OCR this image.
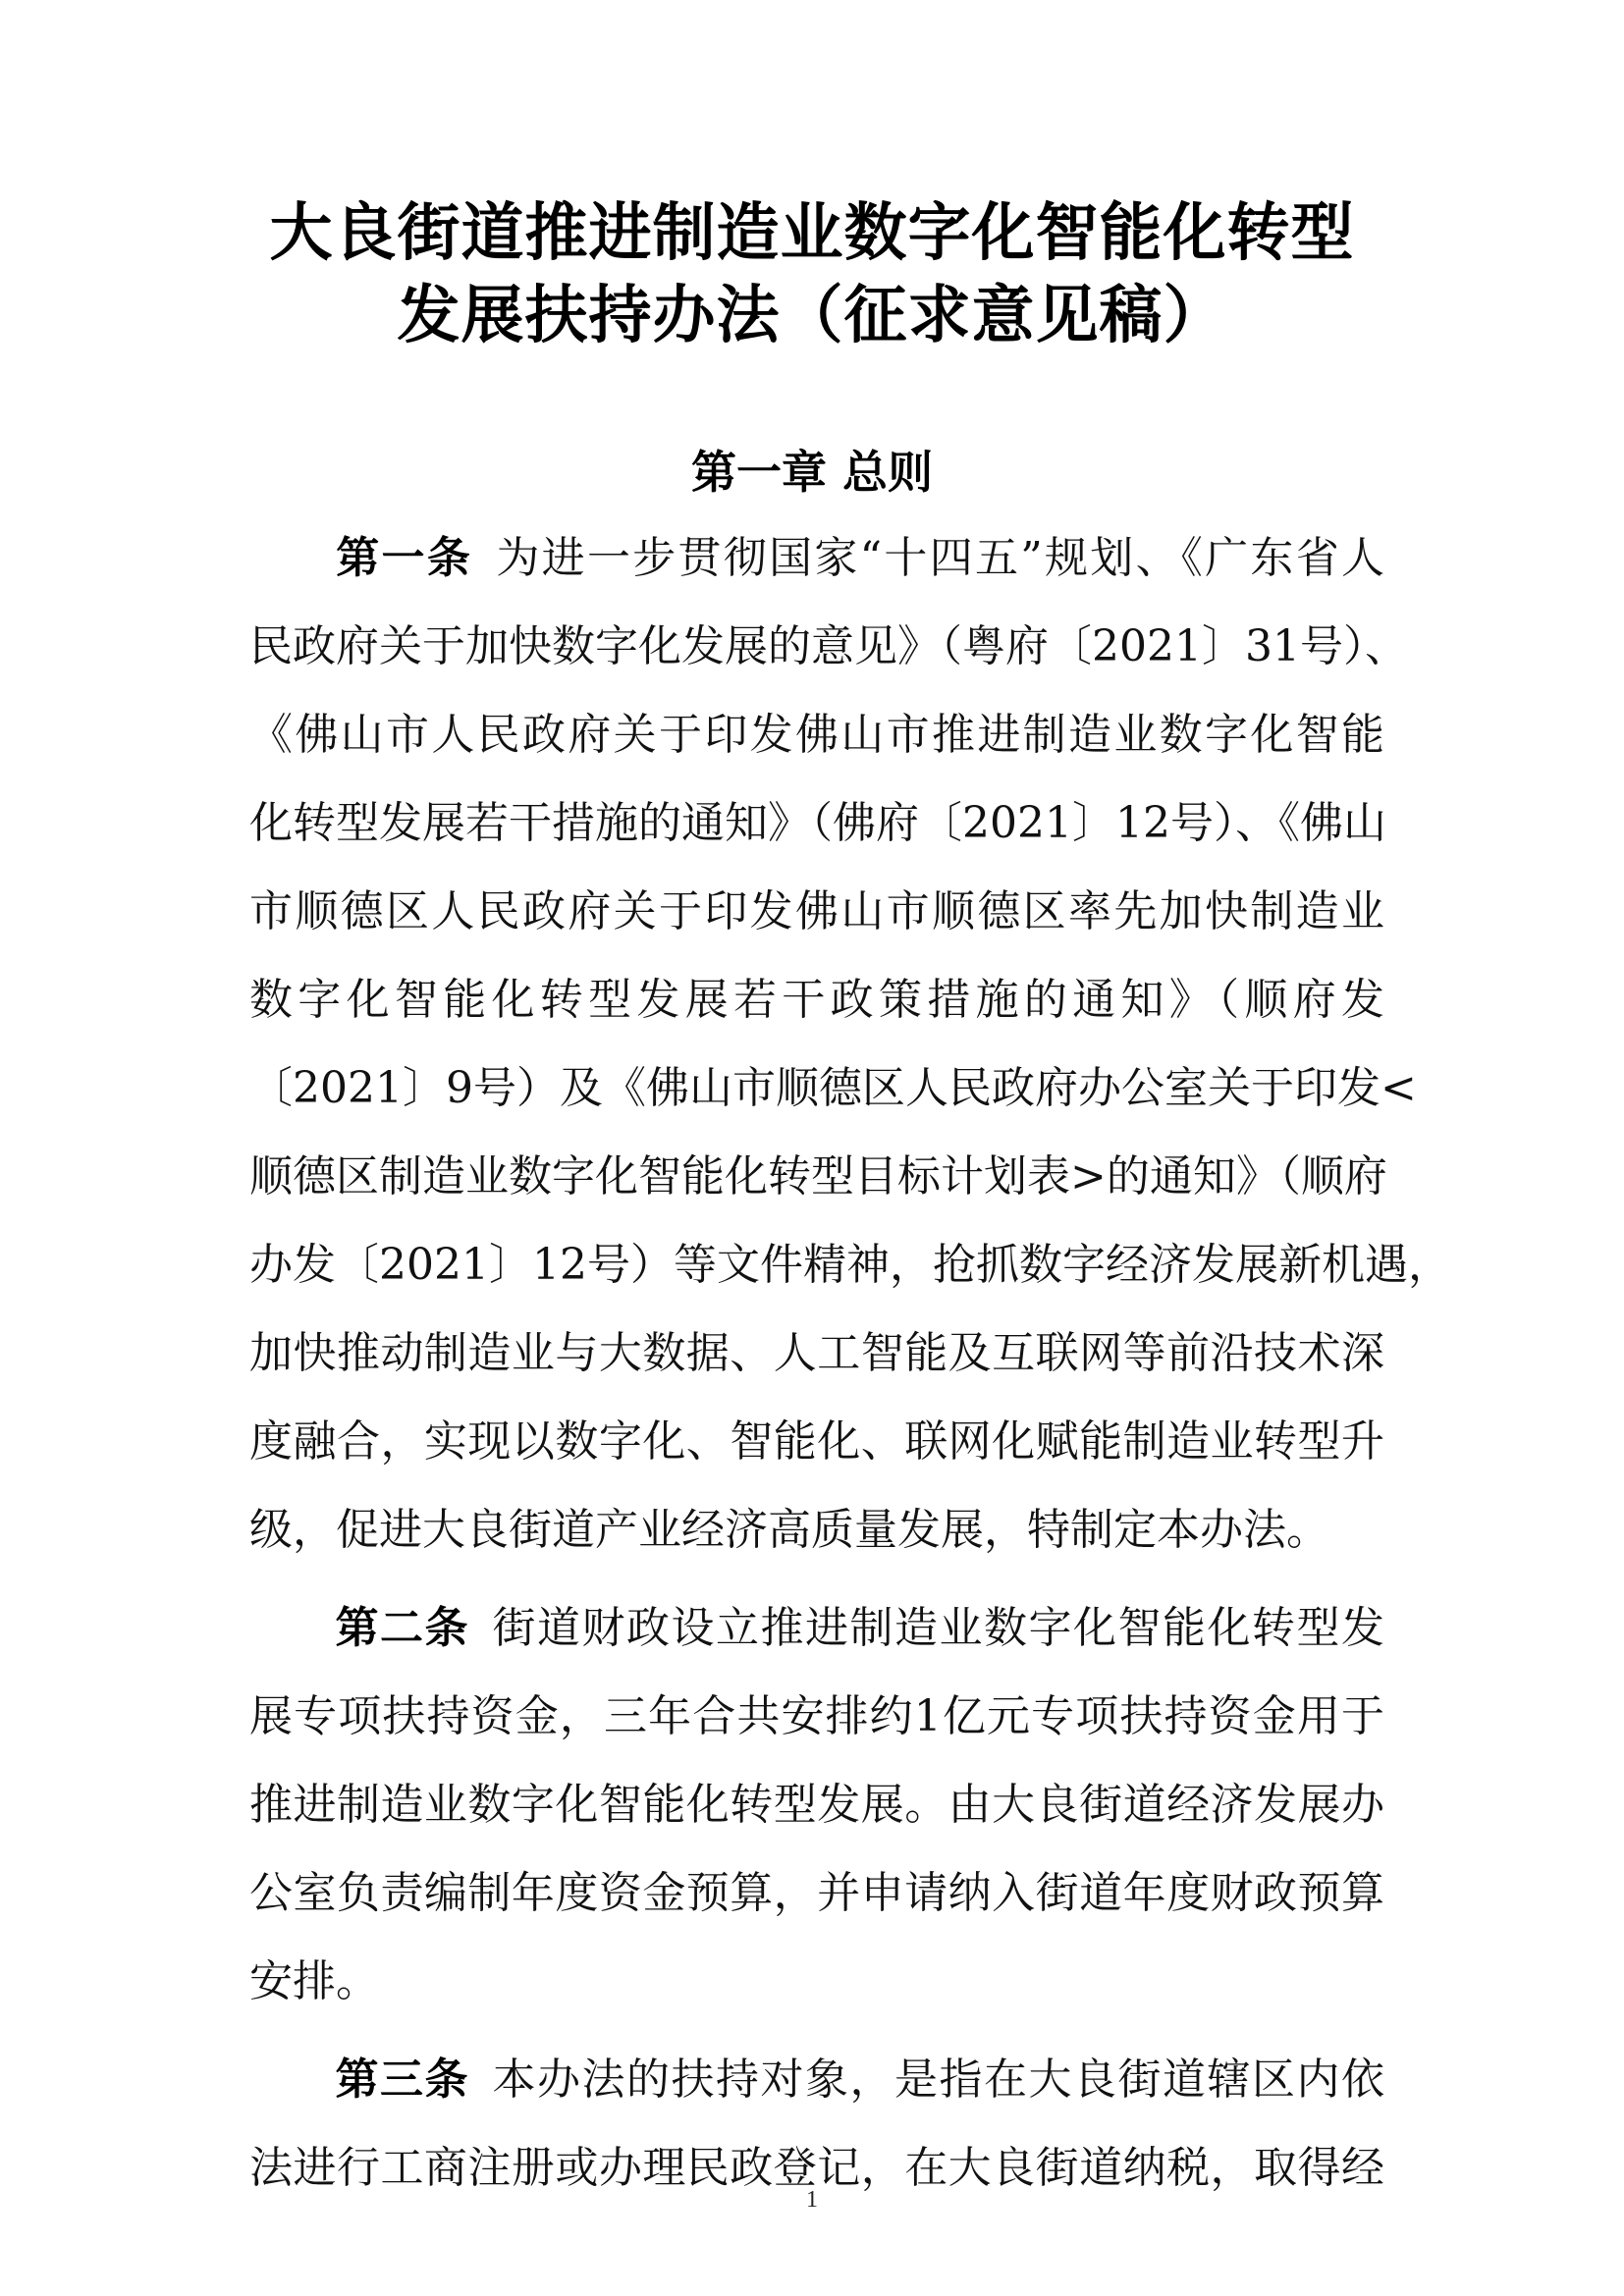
大良街道推进制造业数字化智能化转型
发展扶持办法（征求意见稿）
第一章 总则
第一条 为进一步贯彻国家“十四五”规划、《广东省人
民政府关于加快数字化发展的意见》（粤府〔2021〕31号）、
《佛山市人民政府关于印发佛山市推进制造业数字化智能
化转型发展若干措施的通知》（佛府〔2021〕12号）、《佛山
市顺德区人民政府关于印发佛山市顺德区率先加快制造业
数字化智能化转型发展若干政策措施的通知》（顺府发
〔2021〕9号）及《佛山市顺德区人民政府办公室关于印发<
顺德区制造业数字化智能化转型目标计划表>的通知》（顺府
办发〔2021〕12号）等文件精神，抢抓数字经济发展新机遇，
加快推动制造业与大数据、人工智能及互联网等前沿技术深
度融合，实现以数字化、智能化、联网化赋能制造业转型升
级，促进大良街道产业经济高质量发展，特制定本办法。
第二条 街道财政设立推进制造业数字化智能化转型发
展专项扶持资金，三年合共安排约1亿元专项扶持资金用于
推进制造业数字化智能化转型发展。由大良街道经济发展办
公室负责编制年度资金预算，并申请纳入街道年度财政预算
安排。
第三条 本办法的扶持对象，是指在大良街道辖区内依
法进行工商注册或办理民政登记，在大良街道纳税，取得经
1
